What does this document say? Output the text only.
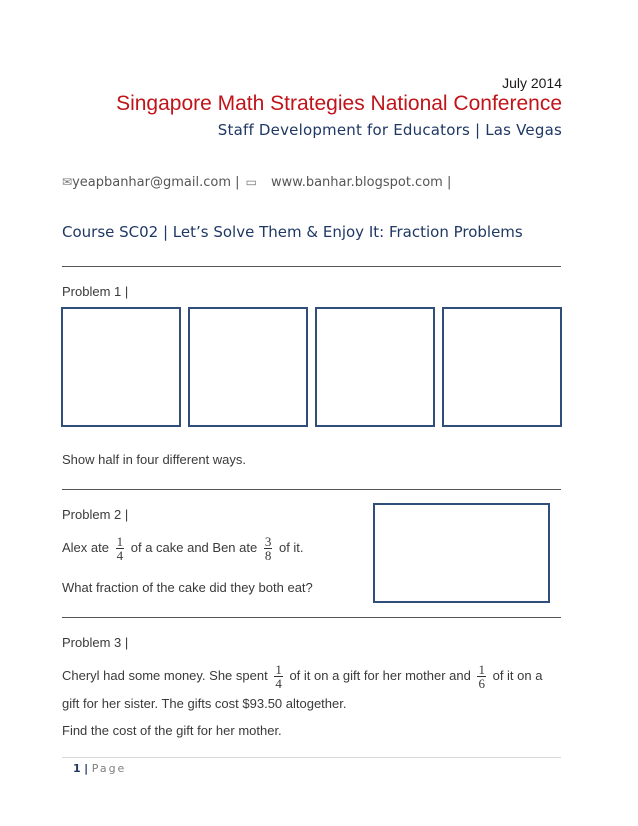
July 2014
Singapore Math Strategies National Conference
Staff Development for Educators | Las Vegas
✉yeapbanhar@gmail.com | ▭ www.banhar.blogspot.com |
Course SC02 | Let’s Solve Them & Enjoy It: Fraction Problems
Problem 1 |
Show half in four different ways.
Problem 2 |
Alex ate $\frac{1}{4}$ of a cake and Ben ate $\frac{3}{8}$ of it.
What fraction of the cake did they both eat?
Problem 3 |
Cheryl had some money. She spent $\frac{1}{4}$ of it on a gift for her mother and $\frac{1}{6}$ of it on a
gift for her sister. The gifts cost $93.50 altogether.
Find the cost of the gift for her mother.
1 | Page
